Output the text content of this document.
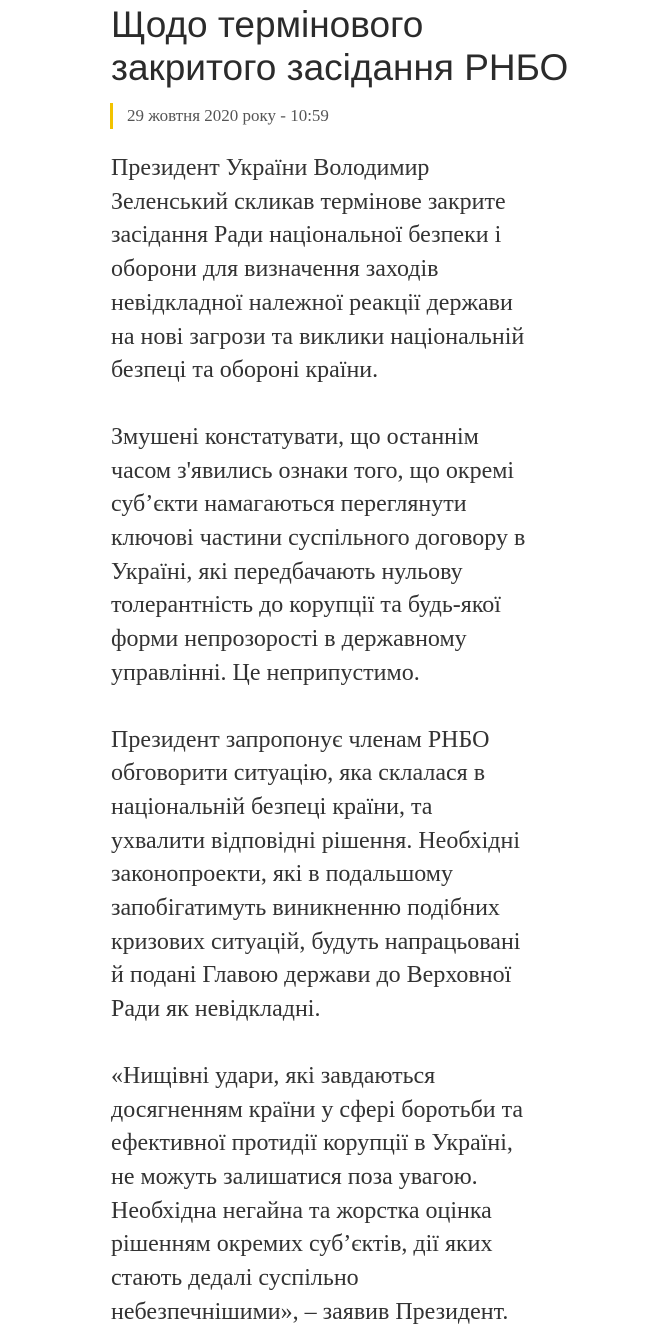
Щодо термінового
закритого засідання РНБО
29 жовтня 2020 року - 10:59

Президент України Володимир
Зеленський скликав термінове закрите
засідання Ради національної безпеки і
оборони для визначення заходів
невідкладної належної реакції держави
на нові загрози та виклики національній
безпеці та обороні країни.

Змушені констатувати, що останнім
часом з'явились ознаки того, що окремі
суб’єкти намагаються переглянути
ключові частини суспільного договору в
Україні, які передбачають нульову
толерантність до корупції та будь-якої
форми непрозорості в державному
управлінні. Це неприпустимо.

Президент запропонує членам РНБО
обговорити ситуацію, яка склалася в
національній безпеці країни, та
ухвалити відповідні рішення. Необхідні
законопроекти, які в подальшому
запобігатимуть виникненню подібних
кризових ситуацій, будуть напрацьовані
й подані Главою держави до Верховної
Ради як невідкладні.

«Нищівні удари, які завдаються
досягненням країни у сфері боротьби та
ефективної протидії корупції в Україні,
не можуть залишатися поза увагою.
Необхідна негайна та жорстка оцінка
рішенням окремих суб’єктів, дії яких
стають дедалі суспільно
небезпечнішими», – заявив Президент.
